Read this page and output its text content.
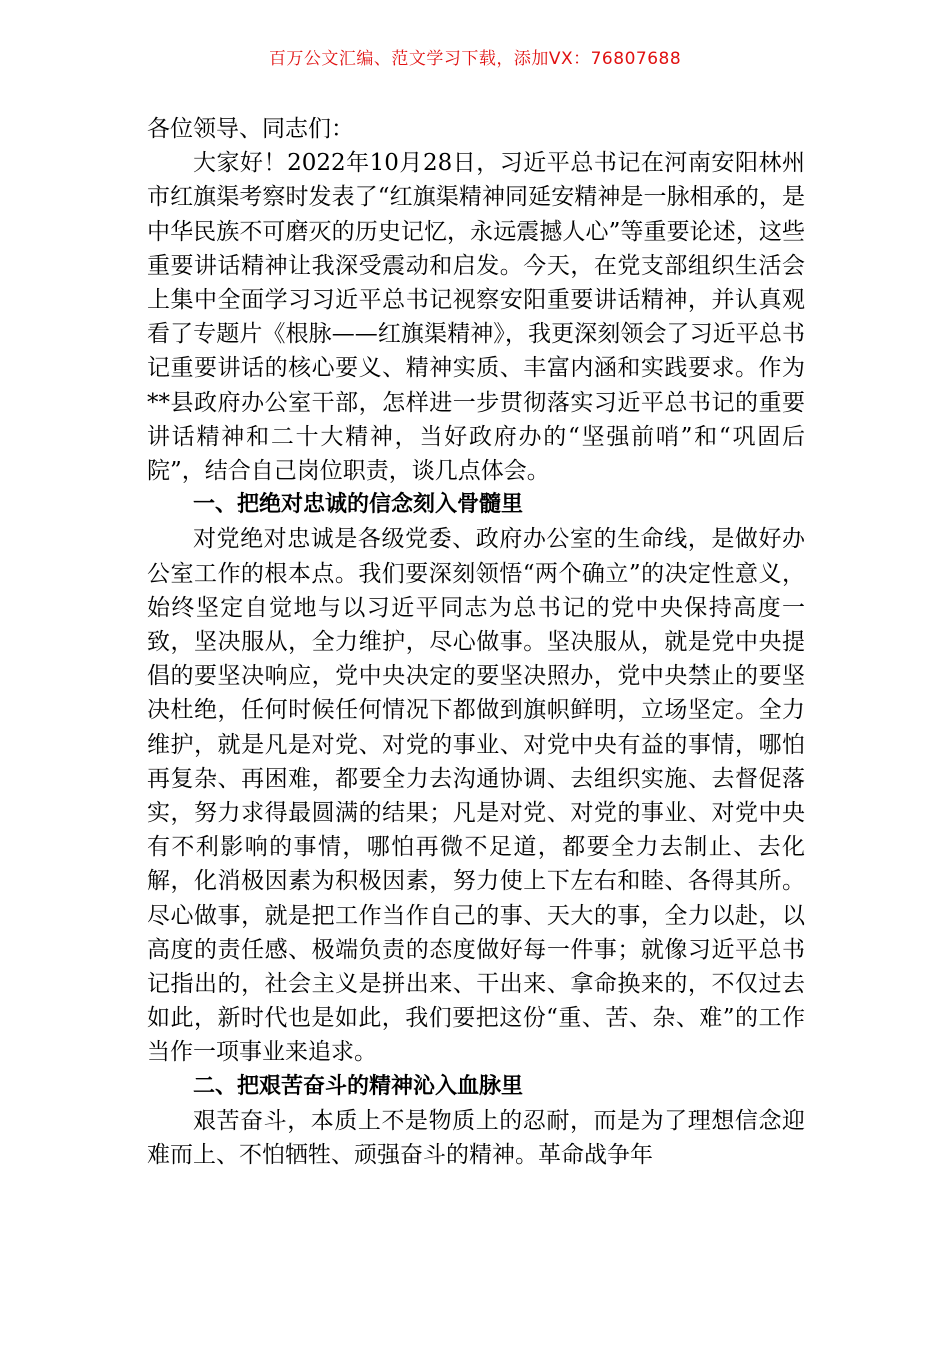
百万公文汇编、范文学习下载，添加VX：76807688

各位领导、同志们：

大家好！2022年10月28日，习近平总书记在河南安阳林州市红旗渠考察时发表了“红旗渠精神同延安精神是一脉相承的，是中华民族不可磨灭的历史记忆，永远震撼人心”等重要论述，这些重要讲话精神让我深受震动和启发。今天，在党支部组织生活会上集中全面学习习近平总书记视察安阳重要讲话精神，并认真观看了专题片《根脉——红旗渠精神》，我更深刻领会了习近平总书记重要讲话的核心要义、精神实质、丰富内涵和实践要求。作为**县政府办公室干部，怎样进一步贯彻落实习近平总书记的重要讲话精神和二十大精神，当好政府办的“坚强前哨”和“巩固后院”，结合自己岗位职责，谈几点体会。

一、把绝对忠诚的信念刻入骨髓里

对党绝对忠诚是各级党委、政府办公室的生命线，是做好办公室工作的根本点。我们要深刻领悟“两个确立”的决定性意义，始终坚定自觉地与以习近平同志为总书记的党中央保持高度一致，坚决服从，全力维护，尽心做事。坚决服从，就是党中央提倡的要坚决响应，党中央决定的要坚决照办，党中央禁止的要坚决杜绝，任何时候任何情况下都做到旗帜鲜明，立场坚定。全力维护，就是凡是对党、对党的事业、对党中央有益的事情，哪怕再复杂、再困难，都要全力去沟通协调、去组织实施、去督促落实，努力求得最圆满的结果；凡是对党、对党的事业、对党中央有不利影响的事情，哪怕再微不足道，都要全力去制止、去化解，化消极因素为积极因素，努力使上下左右和睦、各得其所。尽心做事，就是把工作当作自己的事、天大的事，全力以赴，以高度的责任感、极端负责的态度做好每一件事；就像习近平总书记指出的，社会主义是拼出来、干出来、拿命换来的，不仅过去如此，新时代也是如此，我们要把这份“重、苦、杂、难”的工作当作一项事业来追求。

二、把艰苦奋斗的精神沁入血脉里

艰苦奋斗，本质上不是物质上的忍耐，而是为了理想信念迎难而上、不怕牺牲、顽强奋斗的精神。革命战争年
